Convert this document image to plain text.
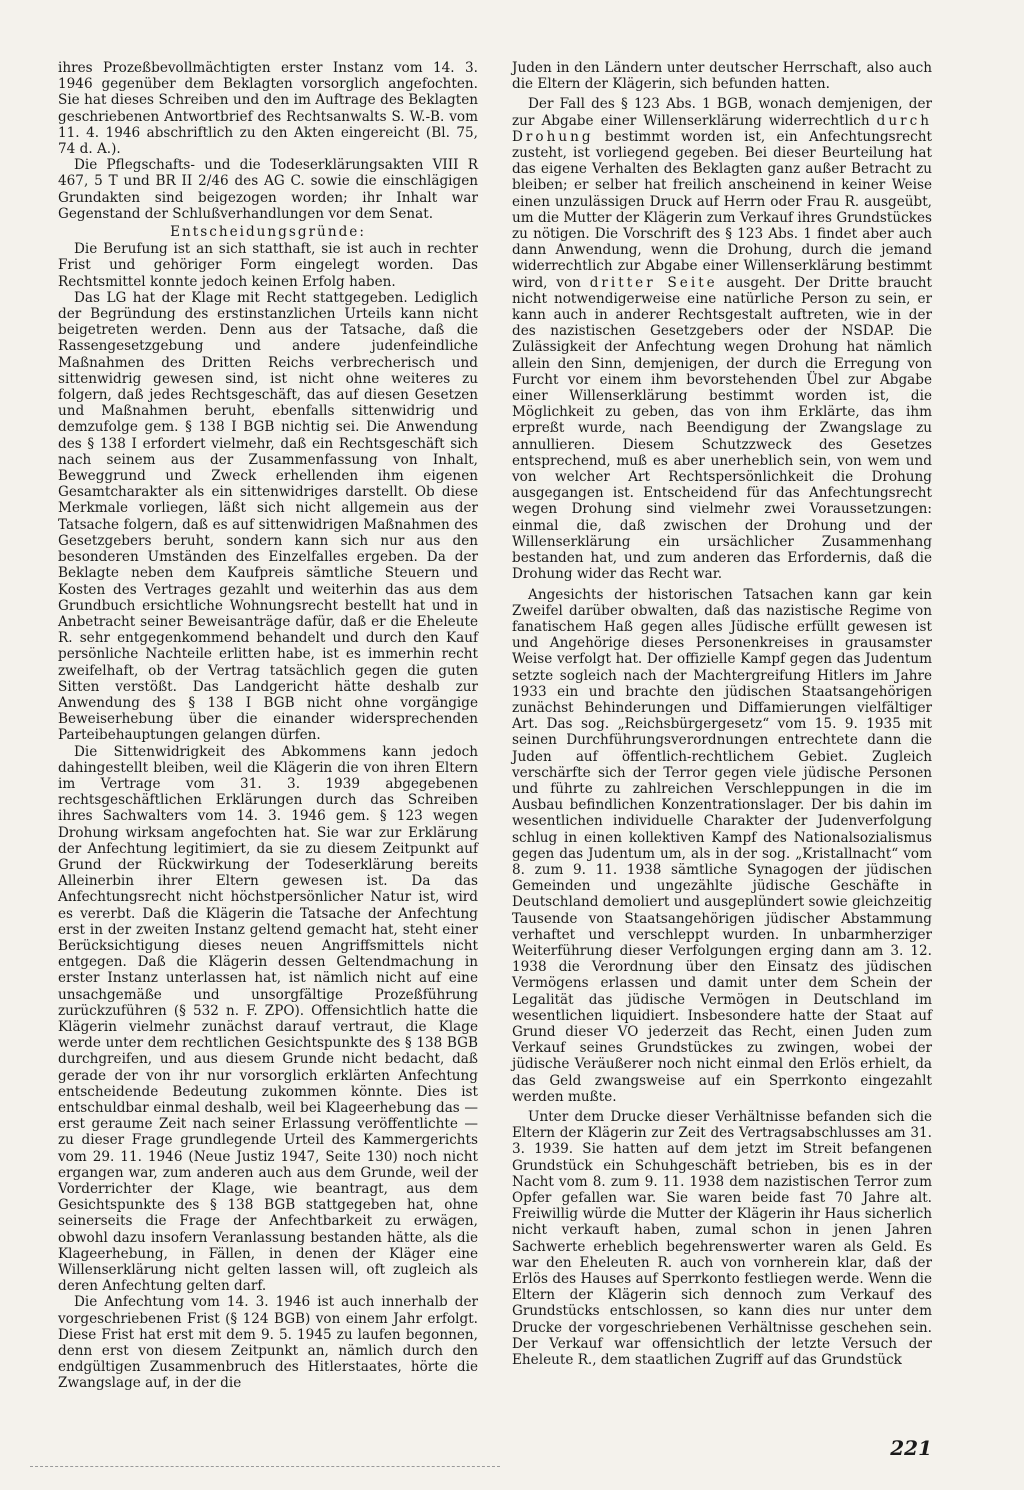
ihres Prozeßbevollmächtigten erster Instanz vom 14. 3. 1946 gegenüber dem Beklagten vorsorglich angefochten. Sie hat dieses Schreiben und den im Auftrage des Beklagten geschriebenen Antwortbrief des Rechtsanwalts S. W.-B. vom 11. 4. 1946 abschriftlich zu den Akten eingereicht (Bl. 75, 74 d. A.).

Die Pflegschafts- und die Todeserklärungsakten VIII R 467, 5 T und BR II 2/46 des AG C. sowie die einschlägigen Grundakten sind beigezogen worden; ihr Inhalt war Gegenstand der Schlußverhandlungen vor dem Senat.

Entscheidungsgründe:

Die Berufung ist an sich statthaft, sie ist auch in rechter Frist und gehöriger Form eingelegt worden. Das Rechtsmittel konnte jedoch keinen Erfolg haben.

Das LG hat der Klage mit Recht stattgegeben. Lediglich der Begründung des erstinstanzlichen Urteils kann nicht beigetreten werden. Denn aus der Tatsache, daß die Rassengesetzgebung und andere judenfeindliche Maßnahmen des Dritten Reichs verbrecherisch und sittenwidrig gewesen sind, ist nicht ohne weiteres zu folgern, daß jedes Rechtsgeschäft, das auf diesen Gesetzen und Maßnahmen beruht, ebenfalls sittenwidrig und demzufolge gem. § 138 I BGB nichtig sei. Die Anwendung des § 138 I erfordert vielmehr, daß ein Rechtsgeschäft sich nach seinem aus der Zusammenfassung von Inhalt, Beweggrund und Zweck erhellenden ihm eigenen Gesamtcharakter als ein sittenwidriges darstellt. Ob diese Merkmale vorliegen, läßt sich nicht allgemein aus der Tatsache folgern, daß es auf sittenwidrigen Maßnahmen des Gesetzgebers beruht, sondern kann sich nur aus den besonderen Umständen des Einzelfalles ergeben. Da der Beklagte neben dem Kaufpreis sämtliche Steuern und Kosten des Vertrages gezahlt und weiterhin das aus dem Grundbuch ersichtliche Wohnungsrecht bestellt hat und in Anbetracht seiner Beweisanträge dafür, daß er die Eheleute R. sehr entgegenkommend behandelt und durch den Kauf persönliche Nachteile erlitten habe, ist es immerhin recht zweifelhaft, ob der Vertrag tatsächlich gegen die guten Sitten verstößt. Das Landgericht hätte deshalb zur Anwendung des § 138 I BGB nicht ohne vorgängige Beweiserhebung über die einander widersprechenden Parteibehauptungen gelangen dürfen.

Die Sittenwidrigkeit des Abkommens kann jedoch dahingestellt bleiben, weil die Klägerin die von ihren Eltern im Vertrage vom 31. 3. 1939 abgegebenen rechtsgeschäftlichen Erklärungen durch das Schreiben ihres Sachwalters vom 14. 3. 1946 gem. § 123 wegen Drohung wirksam angefochten hat. Sie war zur Erklärung der Anfechtung legitimiert, da sie zu diesem Zeitpunkt auf Grund der Rückwirkung der Todeserklärung bereits Alleinerbin ihrer Eltern gewesen ist. Da das Anfechtungsrecht nicht höchstpersönlicher Natur ist, wird es vererbt. Daß die Klägerin die Tatsache der Anfechtung erst in der zweiten Instanz geltend gemacht hat, steht einer Berücksichtigung dieses neuen Angriffsmittels nicht entgegen. Daß die Klägerin dessen Geltendmachung in erster Instanz unterlassen hat, ist nämlich nicht auf eine unsachgemäße und unsorgfältige Prozeßführung zurückzuführen (§ 532 n. F. ZPO). Offensichtlich hatte die Klägerin vielmehr zunächst darauf vertraut, die Klage werde unter dem rechtlichen Gesichtspunkte des § 138 BGB durchgreifen, und aus diesem Grunde nicht bedacht, daß gerade der von ihr nur vorsorglich erklärten Anfechtung entscheidende Bedeutung zukommen könnte. Dies ist entschuldbar einmal deshalb, weil bei Klageerhebung das — erst geraume Zeit nach seiner Erlassung veröffentlichte — zu dieser Frage grundlegende Urteil des Kammergerichts vom 29. 11. 1946 (Neue Justiz 1947, Seite 130) noch nicht ergangen war, zum anderen auch aus dem Grunde, weil der Vorderrichter der Klage, wie beantragt, aus dem Gesichtspunkte des § 138 BGB stattgegeben hat, ohne seinerseits die Frage der Anfechtbarkeit zu erwägen, obwohl dazu insofern Veranlassung bestanden hätte, als die Klageerhebung, in Fällen, in denen der Kläger eine Willenserklärung nicht gelten lassen will, oft zugleich als deren Anfechtung gelten darf.

Die Anfechtung vom 14. 3. 1946 ist auch innerhalb der vorgeschriebenen Frist (§ 124 BGB) von einem Jahr erfolgt. Diese Frist hat erst mit dem 9. 5. 1945 zu laufen begonnen, denn erst von diesem Zeitpunkt an, nämlich durch den endgültigen Zusammenbruch des Hitlerstaates, hörte die Zwangslage auf, in der die

Juden in den Ländern unter deutscher Herrschaft, also auch die Eltern der Klägerin, sich befunden hatten.

Der Fall des § 123 Abs. 1 BGB, wonach demjenigen, der zur Abgabe einer Willenserklärung widerrechtlich durch Drohung bestimmt worden ist, ein Anfechtungsrecht zusteht, ist vorliegend gegeben. Bei dieser Beurteilung hat das eigene Verhalten des Beklagten ganz außer Betracht zu bleiben; er selber hat freilich anscheinend in keiner Weise einen unzulässigen Druck auf Herrn oder Frau R. ausgeübt, um die Mutter der Klägerin zum Verkauf ihres Grundstückes zu nötigen. Die Vorschrift des § 123 Abs. 1 findet aber auch dann Anwendung, wenn die Drohung, durch die jemand widerrechtlich zur Abgabe einer Willenserklärung bestimmt wird, von dritter Seite ausgeht. Der Dritte braucht nicht notwendigerweise eine natürliche Person zu sein, er kann auch in anderer Rechtsgestalt auftreten, wie in der des nazistischen Gesetzgebers oder der NSDAP. Die Zulässigkeit der Anfechtung wegen Drohung hat nämlich allein den Sinn, demjenigen, der durch die Erregung von Furcht vor einem ihm bevorstehenden Übel zur Abgabe einer Willenserklärung bestimmt worden ist, die Möglichkeit zu geben, das von ihm Erklärte, das ihm erpreßt wurde, nach Beendigung der Zwangslage zu annullieren. Diesem Schutzzweck des Gesetzes entsprechend, muß es aber unerheblich sein, von wem und von welcher Art Rechtspersönlichkeit die Drohung ausgegangen ist. Entscheidend für das Anfechtungsrecht wegen Drohung sind vielmehr zwei Voraussetzungen: einmal die, daß zwischen der Drohung und der Willenserklärung ein ursächlicher Zusammenhang bestanden hat, und zum anderen das Erfordernis, daß die Drohung wider das Recht war.

Angesichts der historischen Tatsachen kann gar kein Zweifel darüber obwalten, daß das nazistische Regime von fanatischem Haß gegen alles Jüdische erfüllt gewesen ist und Angehörige dieses Personenkreises in grausamster Weise verfolgt hat. Der offizielle Kampf gegen das Judentum setzte sogleich nach der Machtergreifung Hitlers im Jahre 1933 ein und brachte den jüdischen Staatsangehörigen zunächst Behinderungen und Diffamierungen vielfältiger Art. Das sog. „Reichsbürgergesetz“ vom 15. 9. 1935 mit seinen Durchführungsverordnungen entrechtete dann die Juden auf öffentlich-rechtlichem Gebiet. Zugleich verschärfte sich der Terror gegen viele jüdische Personen und führte zu zahlreichen Verschleppungen in die im Ausbau befindlichen Konzentrationslager. Der bis dahin im wesentlichen individuelle Charakter der Judenverfolgung schlug in einen kollektiven Kampf des Nationalsozialismus gegen das Judentum um, als in der sog. „Kristallnacht“ vom 8. zum 9. 11. 1938 sämtliche Synagogen der jüdischen Gemeinden und ungezählte jüdische Geschäfte in Deutschland demoliert und ausgeplündert sowie gleichzeitig Tausende von Staatsangehörigen jüdischer Abstammung verhaftet und verschleppt wurden. In unbarmherziger Weiterführung dieser Verfolgungen erging dann am 3. 12. 1938 die Verordnung über den Einsatz des jüdischen Vermögens erlassen und damit unter dem Schein der Legalität das jüdische Vermögen in Deutschland im wesentlichen liquidiert. Insbesondere hatte der Staat auf Grund dieser VO jederzeit das Recht, einen Juden zum Verkauf seines Grundstückes zu zwingen, wobei der jüdische Veräußerer noch nicht einmal den Erlös erhielt, da das Geld zwangsweise auf ein Sperrkonto eingezahlt werden mußte.

Unter dem Drucke dieser Verhältnisse befanden sich die Eltern der Klägerin zur Zeit des Vertragsabschlusses am 31. 3. 1939. Sie hatten auf dem jetzt im Streit befangenen Grundstück ein Schuhgeschäft betrieben, bis es in der Nacht vom 8. zum 9. 11. 1938 dem nazistischen Terror zum Opfer gefallen war. Sie waren beide fast 70 Jahre alt. Freiwillig würde die Mutter der Klägerin ihr Haus sicherlich nicht verkauft haben, zumal schon in jenen Jahren Sachwerte erheblich begehrenswerter waren als Geld. Es war den Eheleuten R. auch von vornherein klar, daß der Erlös des Hauses auf Sperrkonto festliegen werde. Wenn die Eltern der Klägerin sich dennoch zum Verkauf des Grundstücks entschlossen, so kann dies nur unter dem Drucke der vorgeschriebenen Verhältnisse geschehen sein. Der Verkauf war offensichtlich der letzte Versuch der Eheleute R., dem staatlichen Zugriff auf das Grundstück

221
